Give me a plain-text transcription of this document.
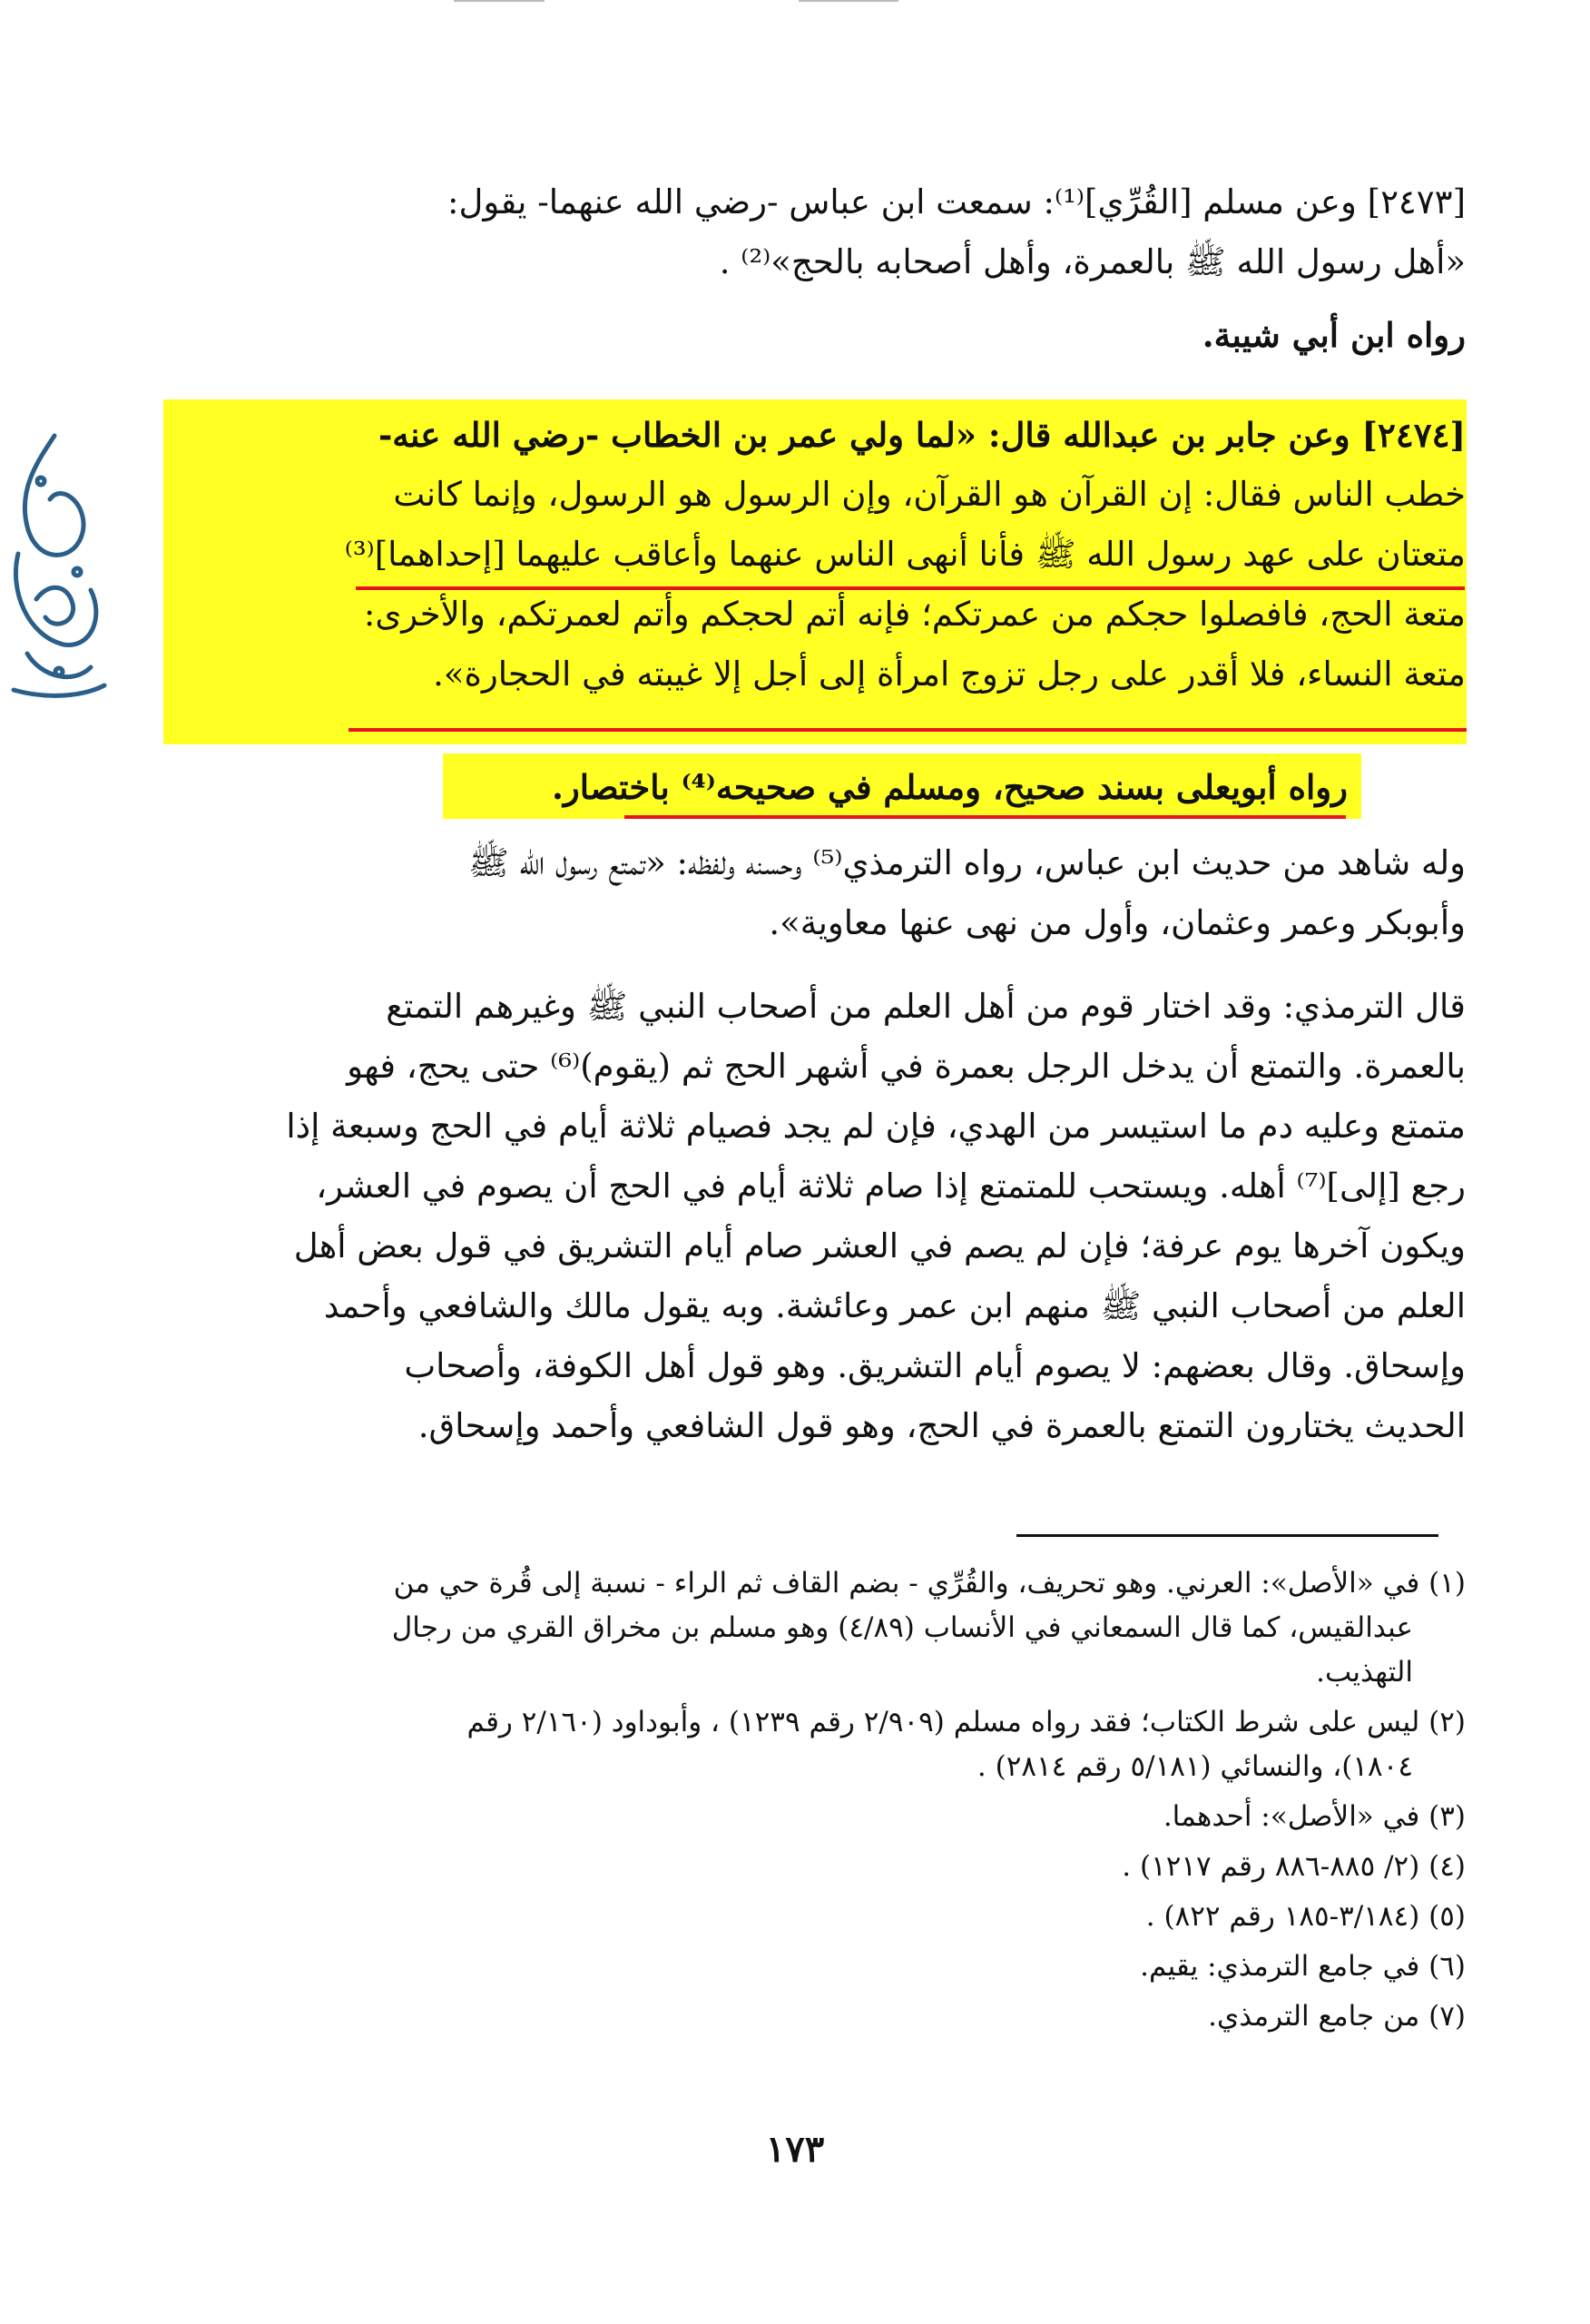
[٢٤٧٣] وعن مسلم [القُرِّي]⁽¹⁾: سمعت ابن عباس -رضي الله عنهما- يقول:
«أهل رسول الله ﷺ بالعمرة، وأهل أصحابه بالحج»⁽²⁾ .
رواه ابن أبي شيبة.
[٢٤٧٤] وعن جابر بن عبدالله قال: «لما ولي عمر بن الخطاب -رضي الله عنه-
خطب الناس فقال: إن القرآن هو القرآن، وإن الرسول هو الرسول، وإنما كانت
متعتان على عهد رسول الله ﷺ فأنا أنهى الناس عنهما وأعاقب عليهما [إحداهما]⁽³⁾
متعة الحج، فافصلوا حجكم من عمرتكم؛ فإنه أتم لحجكم وأتم لعمرتكم، والأخرى:
متعة النساء، فلا أقدر على رجل تزوج امرأة إلى أجل إلا غيبته في الحجارة».
رواه أبويعلى بسند صحيح، ومسلم في صحيحه⁽⁴⁾ باختصار.
وله شاهد من حديث ابن عباس، رواه الترمذي⁽⁵⁾ وحسنه ولفظه: «تمتع رسول الله ﷺ
وأبوبكر وعمر وعثمان، وأول من نهى عنها معاوية».
قال الترمذي: وقد اختار قوم من أهل العلم من أصحاب النبي ﷺ وغيرهم التمتع
بالعمرة. والتمتع أن يدخل الرجل بعمرة في أشهر الحج ثم (يقوم)⁽⁶⁾ حتى يحج، فهو
متمتع وعليه دم ما استيسر من الهدي، فإن لم يجد فصيام ثلاثة أيام في الحج وسبعة إذا
رجع [إلى]⁽⁷⁾ أهله. ويستحب للمتمتع إذا صام ثلاثة أيام في الحج أن يصوم في العشر،
ويكون آخرها يوم عرفة؛ فإن لم يصم في العشر صام أيام التشريق في قول بعض أهل
العلم من أصحاب النبي ﷺ منهم ابن عمر وعائشة. وبه يقول مالك والشافعي وأحمد
وإسحاق. وقال بعضهم: لا يصوم أيام التشريق. وهو قول أهل الكوفة، وأصحاب
الحديث يختارون التمتع بالعمرة في الحج، وهو قول الشافعي وأحمد وإسحاق.
(١) في «الأصل»: العرني. وهو تحريف، والقُرِّي - بضم القاف ثم الراء - نسبة إلى قُرة حي من
عبدالقيس، كما قال السمعاني في الأنساب (٤/٨٩) وهو مسلم بن مخراق القري من رجال
التهذيب.
(٢) ليس على شرط الكتاب؛ فقد رواه مسلم (٢/٩٠٩ رقم ١٢٣٩) ، وأبوداود (٢/١٦٠ رقم
١٨٠٤)، والنسائي (٥/١٨١ رقم ٢٨١٤) .
(٣) في «الأصل»: أحدهما.
(٤) (٢/ ٨٨٥-٨٨٦ رقم ١٢١٧) .
(٥) (٣/١٨٤-١٨٥ رقم ٨٢٢) .
(٦) في جامع الترمذي: يقيم.
(٧) من جامع الترمذي.
١٧٣
